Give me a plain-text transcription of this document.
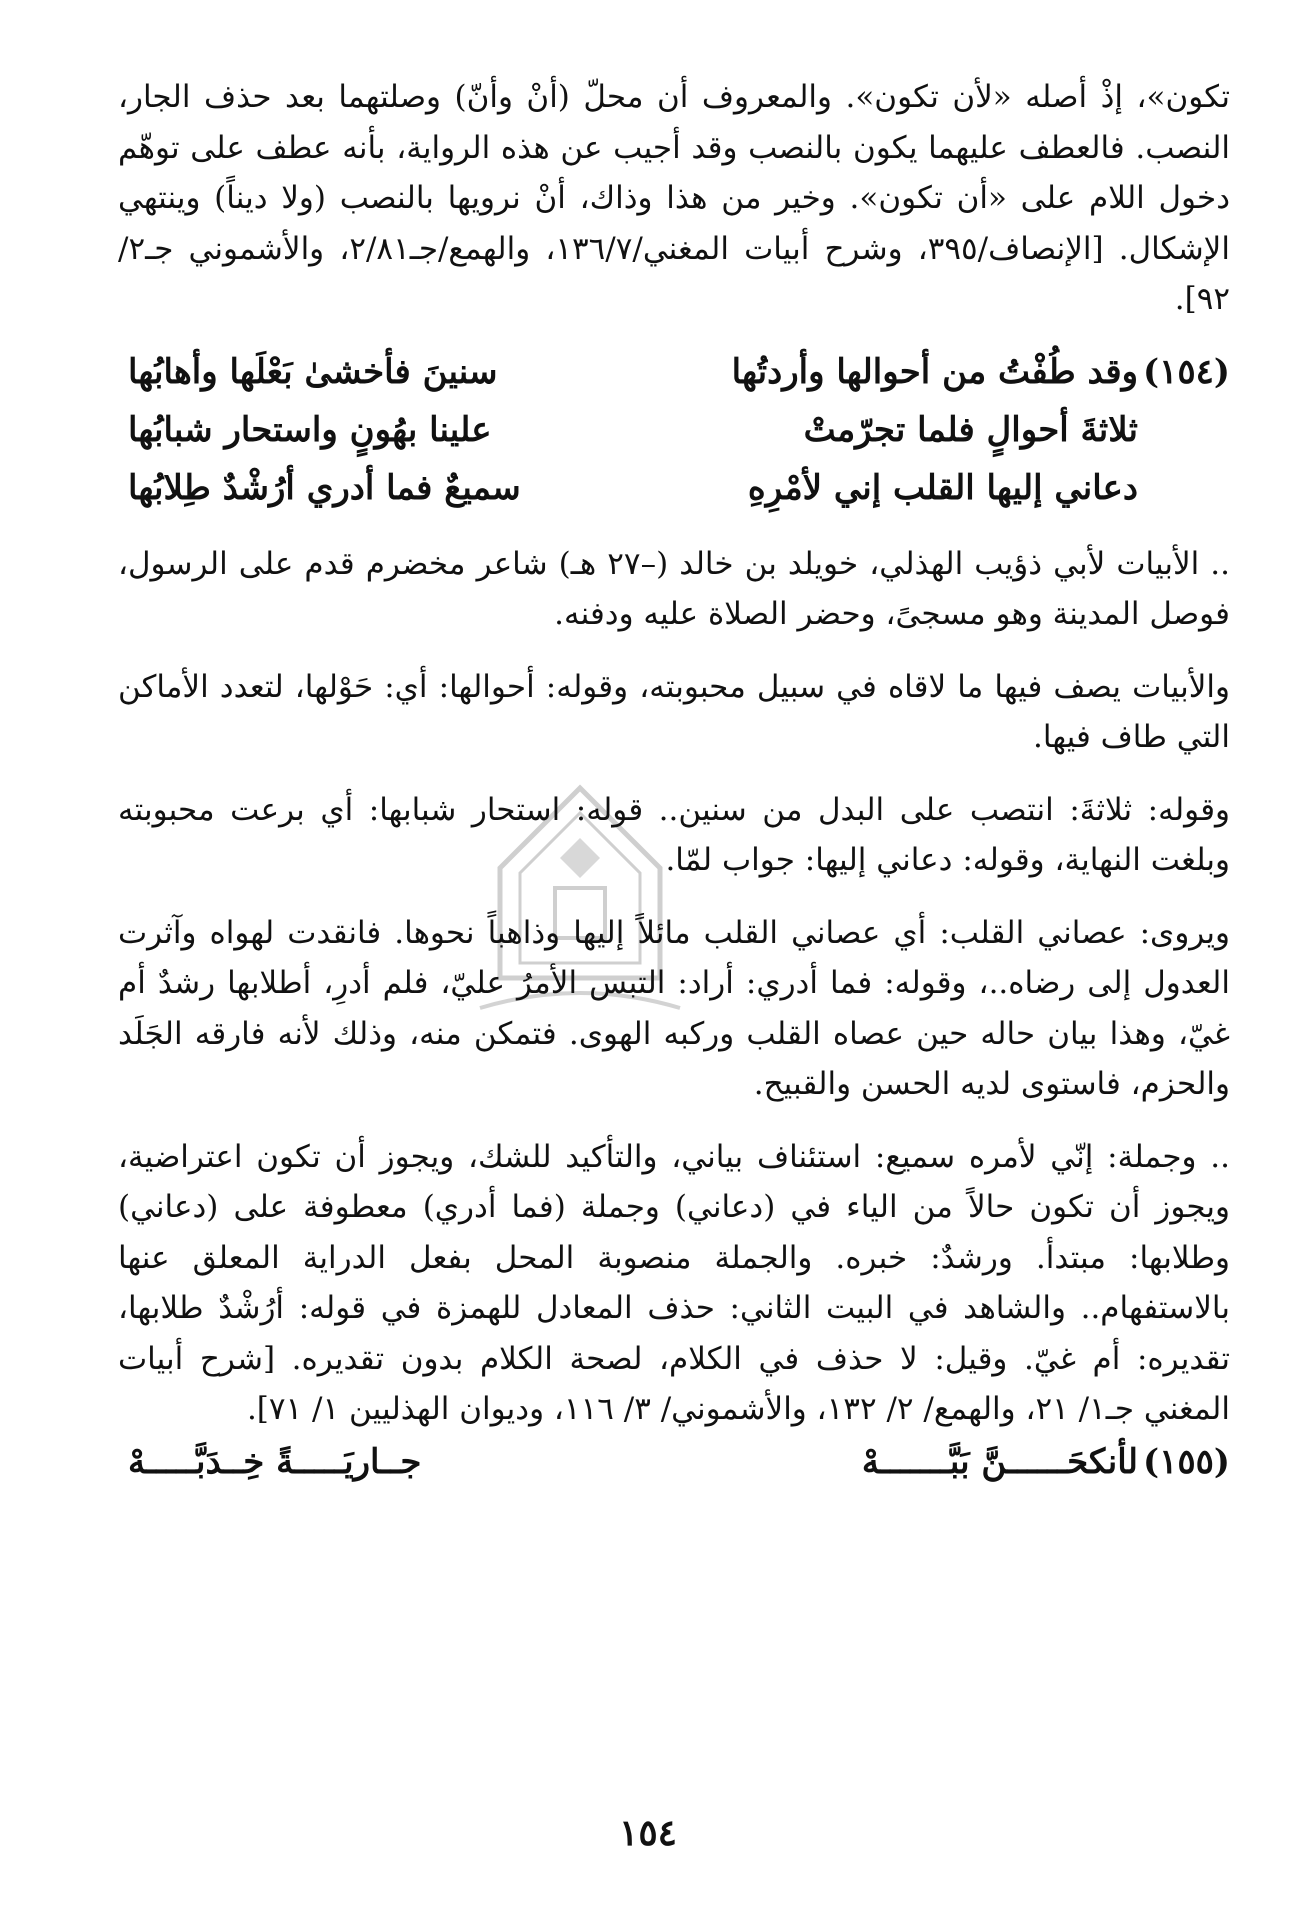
تكون»، إذْ أصله «لأن تكون». والمعروف أن محلّ (أنْ وأنّ) وصلتهما بعد حذف الجار، النصب. فالعطف عليهما يكون بالنصب وقد أجيب عن هذه الرواية، بأنه عطف على توهّم دخول اللام على «أن تكون». وخير من هذا وذاك، أنْ نرويها بالنصب (ولا ديناً) وينتهي الإشكال. [الإنصاف/٣٩٥، وشرح أبيات المغني/١٣٦/٧، والهمع/جـ٢/٨١، والأشموني جـ٢/ ٩٢].

(١٥٤)
وقد طُفْتُ من أحوالها وأردتُها
سنينَ فأخشىٰ بَعْلَها وأهابُها
ثلاثةَ أحوالٍ فلما تجرّمتْ
علينا بهُونٍ واستحار شبابُها
دعاني إليها القلب إني لأمْرِهِ
سميعٌ فما أدري أرُشْدٌ طِلابُها

.. الأبيات لأبي ذؤيب الهذلي، خويلد بن خالد (–٢٧ هـ) شاعر مخضرم قدم على الرسول، فوصل المدينة وهو مسجىً، وحضر الصلاة عليه ودفنه.

والأبيات يصف فيها ما لاقاه في سبيل محبوبته، وقوله: أحوالها: أي: حَوْلها، لتعدد الأماكن التي طاف فيها.

وقوله: ثلاثةَ: انتصب على البدل من سنين.. قوله: استحار شبابها: أي برعت محبوبته وبلغت النهاية، وقوله: دعاني إليها: جواب لمّا.

ويروى: عصاني القلب: أي عصاني القلب مائلاً إليها وذاهباً نحوها. فانقدت لهواه وآثرت العدول إلى رضاه..، وقوله: فما أدري: أراد: التبس الأمرُ عليّ، فلم أدرِ، أطلابها رشدٌ أم غيّ، وهذا بيان حاله حين عصاه القلب وركبه الهوى. فتمكن منه، وذلك لأنه فارقه الجَلَد والحزم، فاستوى لديه الحسن والقبيح.

.. وجملة: إنّي لأمره سميع: استئناف بياني، والتأكيد للشك، ويجوز أن تكون اعتراضية، ويجوز أن تكون حالاً من الياء في (دعاني) وجملة (فما أدري) معطوفة على (دعاني) وطلابها: مبتدأ. ورشدٌ: خبره. والجملة منصوبة المحل بفعل الدراية المعلق عنها بالاستفهام.. والشاهد في البيت الثاني: حذف المعادل للهمزة في قوله: أرُشْدٌ طلابها، تقديره: أم غيّ. وقيل: لا حذف في الكلام، لصحة الكلام بدون تقديره. [شرح أبيات المغني جـ١/ ٢١، والهمع/ ٢/ ١٣٢، والأشموني/ ٣/ ١١٦، وديوان الهذليين ١/ ٧١].

(١٥٥)
لأنكحَــــــنَّ بَبَّـــــــهْ
جــاريَـــــةً خِــدَبَّـــــهْ
١٥٤
